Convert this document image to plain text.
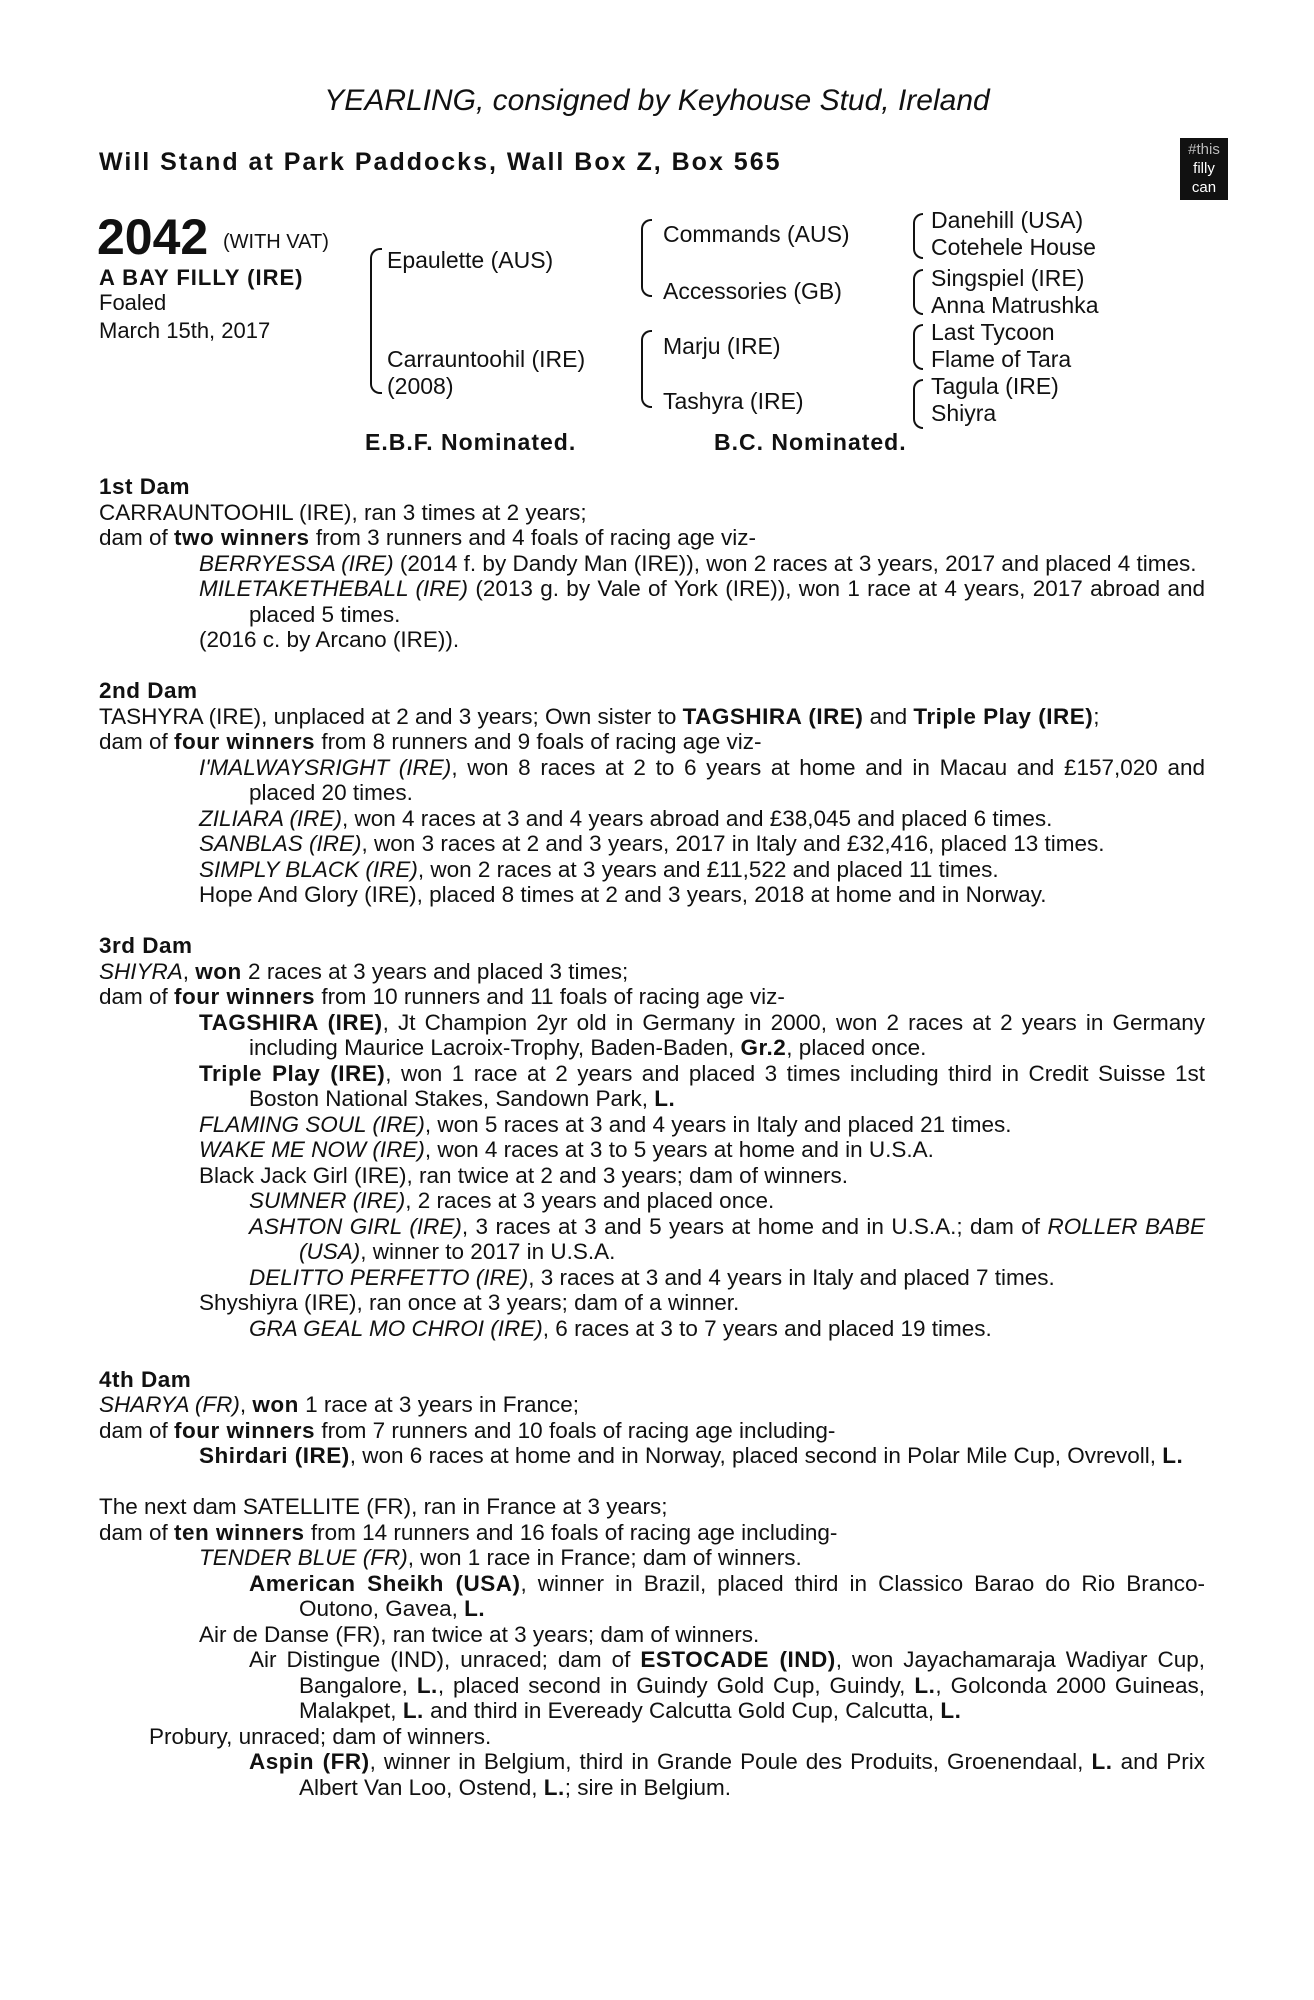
YEARLING, consigned by Keyhouse Stud, Ireland
Will Stand at Park Paddocks, Wall Box Z, Box 565	#this
filly
can
2042 (WITH VAT)
A BAY FILLY (IRE)
Foaled
March 15th, 2017
Epaulette (AUS)
Carrauntoohil (IRE)
(2008)
Commands (AUS)
Accessories (GB)
Marju (IRE)
Tashyra (IRE)
Danehill (USA)
Cotehele House
Singspiel (IRE)
Anna Matrushka
Last Tycoon
Flame of Tara
Tagula (IRE)
Shiyra
E.B.F. Nominated.	B.C. Nominated.
1st Dam
CARRAUNTOOHIL (IRE), ran 3 times at 2 years;
dam of two winners from 3 runners and 4 foals of racing age viz-
BERRYESSA (IRE) (2014 f. by Dandy Man (IRE)), won 2 races at 3 years, 2017 and placed 4 times.
MILETAKETHEBALL (IRE) (2013 g. by Vale of York (IRE)), won 1 race at 4 years, 2017 abroad and placed 5 times.
(2016 c. by Arcano (IRE)).
2nd Dam
TASHYRA (IRE), unplaced at 2 and 3 years; Own sister to TAGSHIRA (IRE) and Triple Play (IRE);
dam of four winners from 8 runners and 9 foals of racing age viz-
I'MALWAYSRIGHT (IRE), won 8 races at 2 to 6 years at home and in Macau and £157,020 and placed 20 times.
ZILIARA (IRE), won 4 races at 3 and 4 years abroad and £38,045 and placed 6 times.
SANBLAS (IRE), won 3 races at 2 and 3 years, 2017 in Italy and £32,416, placed 13 times.
SIMPLY BLACK (IRE), won 2 races at 3 years and £11,522 and placed 11 times.
Hope And Glory (IRE), placed 8 times at 2 and 3 years, 2018 at home and in Norway.
3rd Dam
SHIYRA, won 2 races at 3 years and placed 3 times;
dam of four winners from 10 runners and 11 foals of racing age viz-
TAGSHIRA (IRE), Jt Champion 2yr old in Germany in 2000, won 2 races at 2 years in Germany including Maurice Lacroix-Trophy, Baden-Baden, Gr.2, placed once.
Triple Play (IRE), won 1 race at 2 years and placed 3 times including third in Credit Suisse 1st Boston National Stakes, Sandown Park, L.
FLAMING SOUL (IRE), won 5 races at 3 and 4 years in Italy and placed 21 times.
WAKE ME NOW (IRE), won 4 races at 3 to 5 years at home and in U.S.A.
Black Jack Girl (IRE), ran twice at 2 and 3 years; dam of winners.
SUMNER (IRE), 2 races at 3 years and placed once.
ASHTON GIRL (IRE), 3 races at 3 and 5 years at home and in U.S.A.; dam of ROLLER BABE (USA), winner to 2017 in U.S.A.
DELITTO PERFETTO (IRE), 3 races at 3 and 4 years in Italy and placed 7 times.
Shyshiyra (IRE), ran once at 3 years; dam of a winner.
GRA GEAL MO CHROI (IRE), 6 races at 3 to 7 years and placed 19 times.
4th Dam
SHARYA (FR), won 1 race at 3 years in France;
dam of four winners from 7 runners and 10 foals of racing age including-
Shirdari (IRE), won 6 races at home and in Norway, placed second in Polar Mile Cup, Ovrevoll, L.
The next dam SATELLITE (FR), ran in France at 3 years;
dam of ten winners from 14 runners and 16 foals of racing age including-
TENDER BLUE (FR), won 1 race in France; dam of winners.
American Sheikh (USA), winner in Brazil, placed third in Classico Barao do Rio Branco-Outono, Gavea, L.
Air de Danse (FR), ran twice at 3 years; dam of winners.
Air Distingue (IND), unraced; dam of ESTOCADE (IND), won Jayachamaraja Wadiyar Cup, Bangalore, L., placed second in Guindy Gold Cup, Guindy, L., Golconda 2000 Guineas, Malakpet, L. and third in Eveready Calcutta Gold Cup, Calcutta, L.
Probury, unraced; dam of winners.
Aspin (FR), winner in Belgium, third in Grande Poule des Produits, Groenendaal, L. and Prix Albert Van Loo, Ostend, L.; sire in Belgium.
